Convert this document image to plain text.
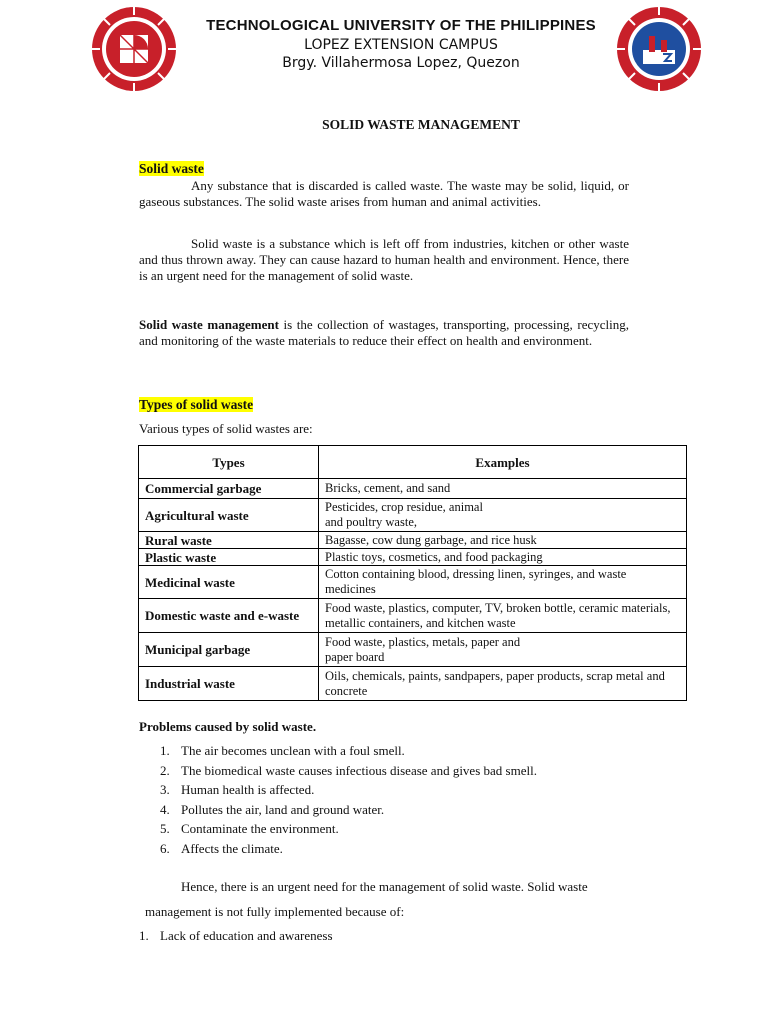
TECHNOLOGICAL UNIVERSITY OF THE PHILIPPINES
LOPEZ EXTENSION CAMPUS
Brgy. Villahermosa Lopez, Quezon
SOLID WASTE MANAGEMENT
Solid waste
Any substance that is discarded is called waste. The waste may be solid, liquid, or gaseous substances. The solid waste arises from human and animal activities.
Solid waste is a substance which is left off from industries, kitchen or other waste and thus thrown away. They can cause hazard to human health and environment. Hence, there is an urgent need for the management of solid waste.
Solid waste management is the collection of wastages, transporting, processing, recycling, and monitoring of the waste materials to reduce their effect on health and environment.
Types of solid waste
Various types of solid wastes are:
Types	Examples
Commercial garbage	Bricks, cement, and sand
Agricultural waste	Pesticides, crop residue, animal
and poultry waste,
Rural waste	Bagasse, cow dung garbage, and rice husk
Plastic waste	Plastic toys, cosmetics, and food packaging
Medicinal waste	Cotton containing blood, dressing linen, syringes, and waste medicines
Domestic waste and e-waste	Food waste, plastics, computer, TV, broken bottle, ceramic materials, metallic containers, and kitchen waste
Municipal garbage	Food waste, plastics, metals, paper and
paper board
Industrial waste	Oils, chemicals, paints, sandpapers, paper products, scrap metal and concrete
Problems caused by solid waste.
1. The air becomes unclean with a foul smell.
2. The biomedical waste causes infectious disease and gives bad smell.
3. Human health is affected.
4. Pollutes the air, land and ground water.
5. Contaminate the environment.
6. Affects the climate.
Hence, there is an urgent need for the management of solid waste. Solid waste
management is not fully implemented because of:
1. Lack of education and awareness
